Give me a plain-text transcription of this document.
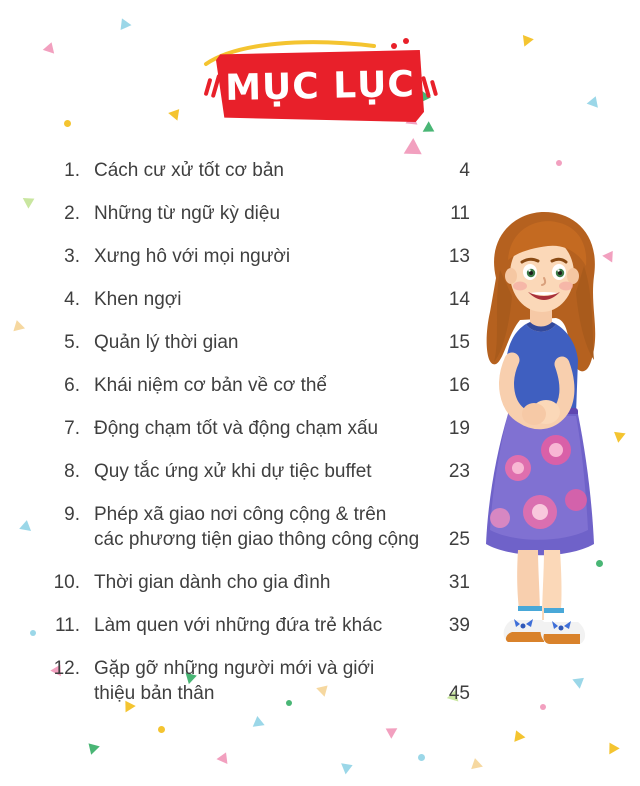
MỤC LỤC
1. Cách cư xử tốt cơ bản	4
2. Những từ ngữ kỳ diệu	11
3. Xưng hô với mọi người	13
4. Khen ngợi	14
5. Quản lý thời gian	15
6. Khái niệm cơ bản về cơ thể	16
7. Động chạm tốt và động chạm xấu	19
8. Quy tắc ứng xử khi dự tiệc buffet	23
9. Phép xã giao nơi công cộng & trên các phương tiện giao thông công cộng	25
10. Thời gian dành cho gia đình	31
11. Làm quen với những đứa trẻ khác	39
12. Gặp gỡ những người mới và giới thiệu bản thân	45
